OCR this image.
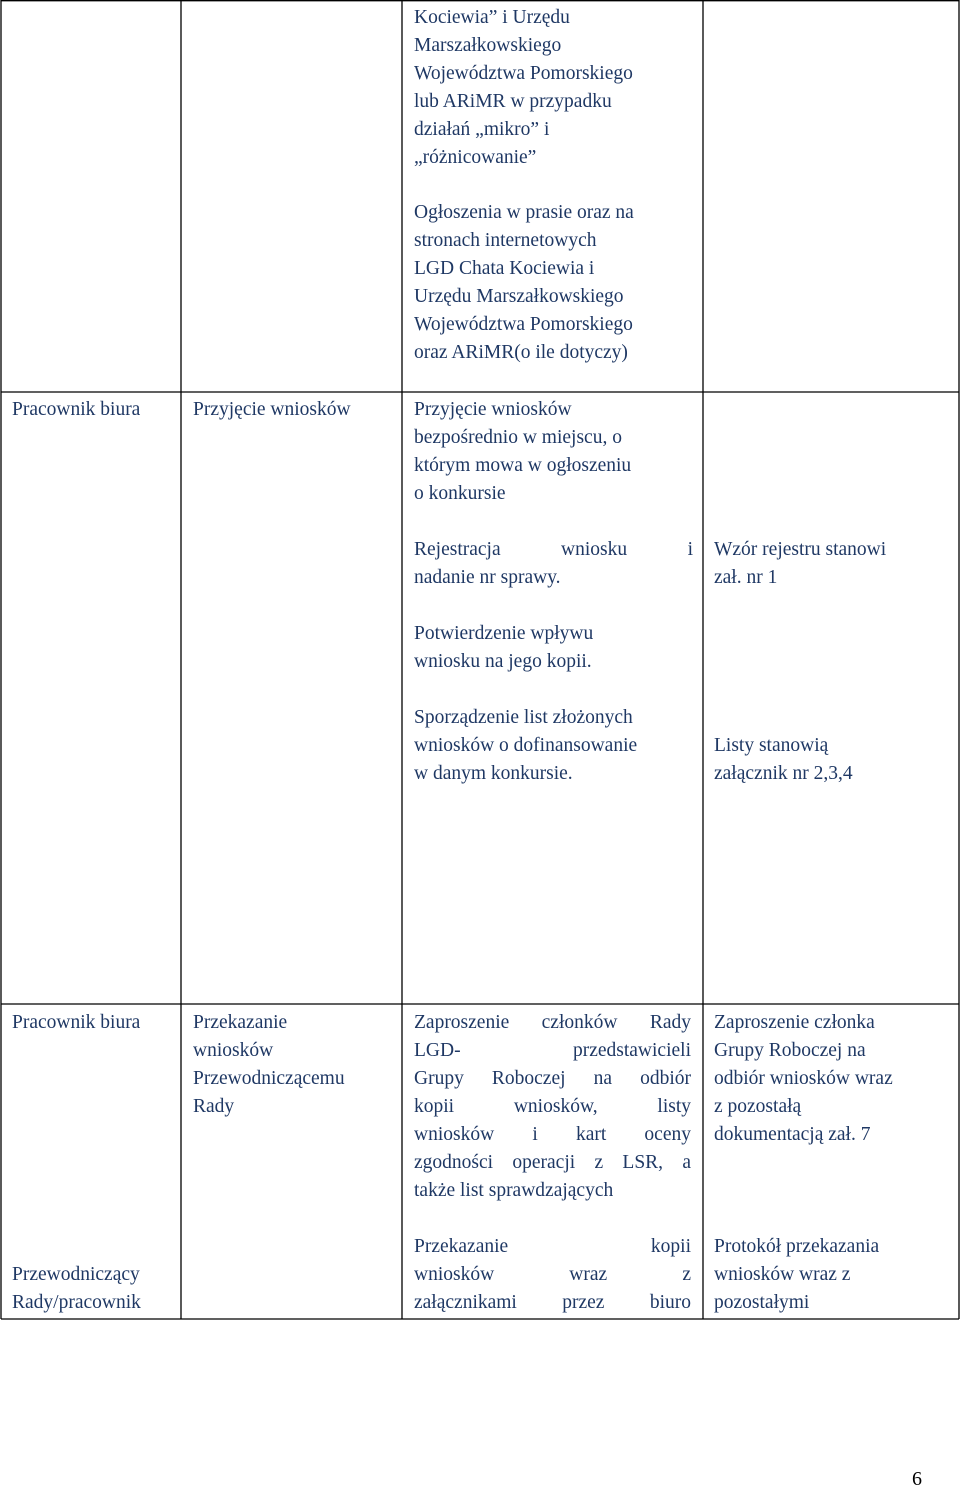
Kociewia” i Urzędu

Marszałkowskiego

Województwa Pomorskiego

lub ARiMR w przypadku

działań „mikro” i

„różnicowanie”

Ogłoszenia w prasie oraz na

stronach internetowych

LGD Chata Kociewia i

Urzędu Marszałkowskiego

Województwa Pomorskiego

oraz ARiMR(o ile dotyczy)

Pracownik biura	Przyjęcie wniosków	Przyjęcie wniosków

bezpośrednio w miejscu, o

którym mowa w ogłoszeniu

o konkursie

Rejestracja wniosku i

nadanie nr sprawy.

Potwierdzenie wpływu

wniosku na jego kopii.

Sporządzenie list złożonych

wniosków o dofinansowanie

w danym konkursie.

Wzór rejestru stanowi

zał. nr 1

Listy stanowią

załącznik nr 2,3,4

Pracownik biura

Przewodniczący

Rady/pracownik

Przekazanie

wniosków

Przewodniczącemu

Rady

Zaproszenie członków Rady

LGD- przedstawicieli

Grupy Roboczej na odbiór

kopii wniosków, listy

wniosków i kart oceny

zgodności operacji z LSR, a

także list sprawdzających

Przekazanie kopii

wniosków wraz z

załącznikami przez biuro

Zaproszenie członka

Grupy Roboczej na

odbiór wniosków wraz

z pozostałą

dokumentacją zał. 7

Protokół przekazania

wniosków wraz z

pozostałymi

6
